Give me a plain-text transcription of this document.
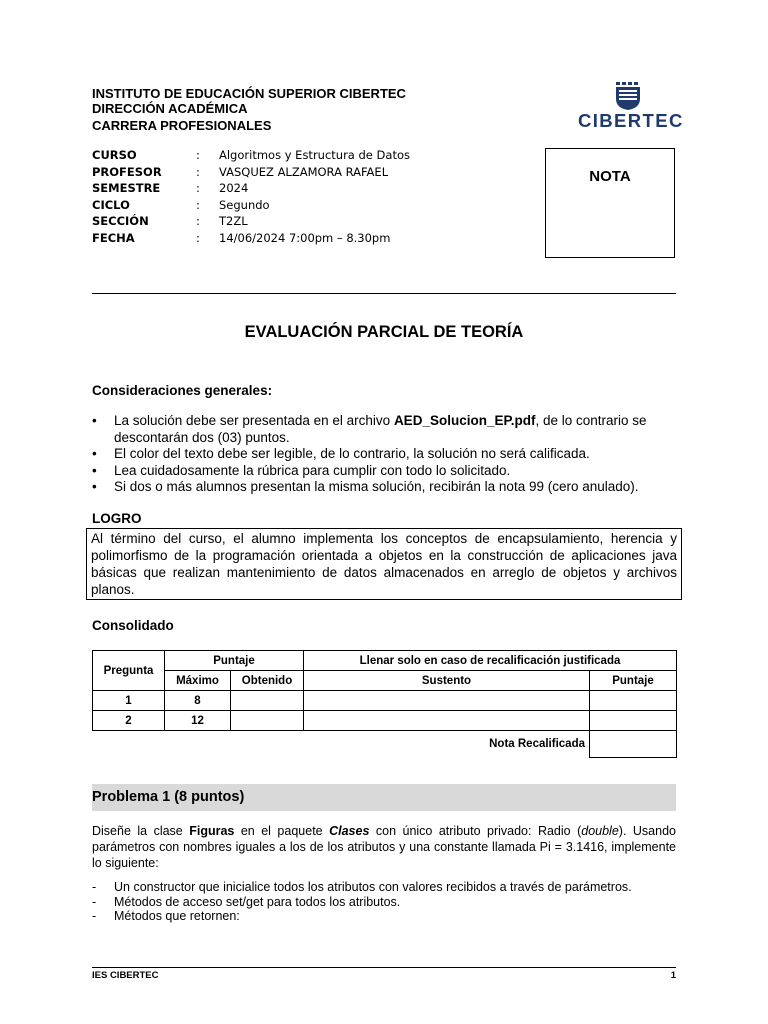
INSTITUTO DE EDUCACIÓN SUPERIOR CIBERTEC
DIRECCIÓN ACADÉMICA
CARRERA PROFESIONALES	CIBERTEC
CURSO	: Algoritmos y Estructura de Datos
PROFESOR	: VASQUEZ ALZAMORA RAFAEL
SEMESTRE	: 2024
CICLO	: Segundo
SECCIÓN	: T2ZL
FECHA	: 14/06/2024 7:00pm – 8.30pm
NOTA
EVALUACIÓN PARCIAL DE TEORÍA
Consideraciones generales:
• La solución debe ser presentada en el archivo AED_Solucion_EP.pdf, de lo contrario se descontarán dos (03) puntos.
• El color del texto debe ser legible, de lo contrario, la solución no será calificada.
• Lea cuidadosamente la rúbrica para cumplir con todo lo solicitado.
• Si dos o más alumnos presentan la misma solución, recibirán la nota 99 (cero anulado).
LOGRO
Al término del curso, el alumno implementa los conceptos de encapsulamiento, herencia y polimorfismo de la programación orientada a objetos en la construcción de aplicaciones java básicas que realizan mantenimiento de datos almacenados en arreglo de objetos y archivos planos.
Consolidado
Pregunta	Puntaje		Llenar solo en caso de recalificación justificada	
	Máximo	Obtenido	Sustento	Puntaje
1	8			
2	12			
			Nota Recalificada	
Problema 1 (8 puntos)
Diseñe la clase Figuras en el paquete Clases con único atributo privado: Radio (double). Usando parámetros con nombres iguales a los de los atributos y una constante llamada Pi = 3.1416, implemente lo siguiente:
- Un constructor que inicialice todos los atributos con valores recibidos a través de parámetros.
- Métodos de acceso set/get para todos los atributos.
- Métodos que retornen:
IES CIBERTEC	1
